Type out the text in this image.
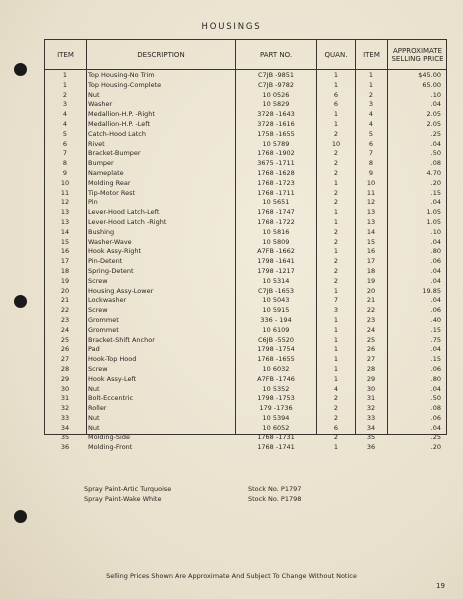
HOUSINGS
ITEM	DESCRIPTION	PART NO.	QUAN.	ITEM	APPROXIMATE SELLING PRICE
1	Top Housing-No Trim	C7JB -9851	1	1	$45.00
1	Top Housing-Complete	C7JB -9782	1	1	65.00
2	Nut	10 0526	6	2	.10
3	Washer	10 5829	6	3	.04
4	Medallion-H.P. -Right	3728 -1643	1	4	2.05
4	Medallion-H.P. -Left	3728 -1616	1	4	2.05
5	Catch-Hood Latch	1758 -1655	2	5	.25
6	Rivet	10 5789	10	6	.04
7	Bracket-Bumper	1768 -1902	2	7	.50
8	Bumper	3675 -1711	2	8	.08
9	Nameplate	1768 -1628	2	9	4.70
10	Molding Rear	1768 -1723	1	10	.20
11	Tip-Motor Rest	1768 -1711	2	11	.15
12	Pin	10 5651	2	12	.04
13	Lever-Hood Latch-Left	1768 -1747	1	13	1.05
13	Lever-Hood Latch -Right	1768 -1722	1	13	1.05
14	Bushing	10 5816	2	14	.10
15	Washer-Wave	10 5809	2	15	.04
16	Hook Assy-Right	A7FB -1662	1	16	.80
17	Pin-Detent	1798 -1641	2	17	.06
18	Spring-Detent	1798 -1217	2	18	.04
19	Screw	10 5314	2	19	.04
20	Housing Assy-Lower	C7JB -1653	1	20	19.85
21	Lockwasher	10 5043	7	21	.04
22	Screw	10 5915	3	22	.06
23	Grommet	336 - 194	1	23	.40
24	Grommet	10 6109	1	24	.15
25	Bracket-Shift Anchor	C6JB -5520	1	25	.75
26	Pad	1798 -1754	1	26	.04
27	Hook-Top Hood	1768 -1655	1	27	.15
28	Screw	10 6032	1	28	.06
29	Hook Assy-Left	A7FB -1746	1	29	.80
30	Nut	10 5352	4	30	.04
31	Bolt-Eccentric	1798 -1753	2	31	.50
32	Roller	179 -1736	2	32	.08
33	Nut	10 5394	2	33	.06
34	Nut	10 6052	6	34	.04
35	Molding-Side	1768 -1731	2	35	.25
36	Molding-Front	1768 -1741	1	36	.20
Spray Paint-Artic Turquoise	Stock No. P1797
Spray Paint-Wake White	Stock No. P1798
Selling Prices Shown Are Approximate And Subject To Change Without Notice
19
